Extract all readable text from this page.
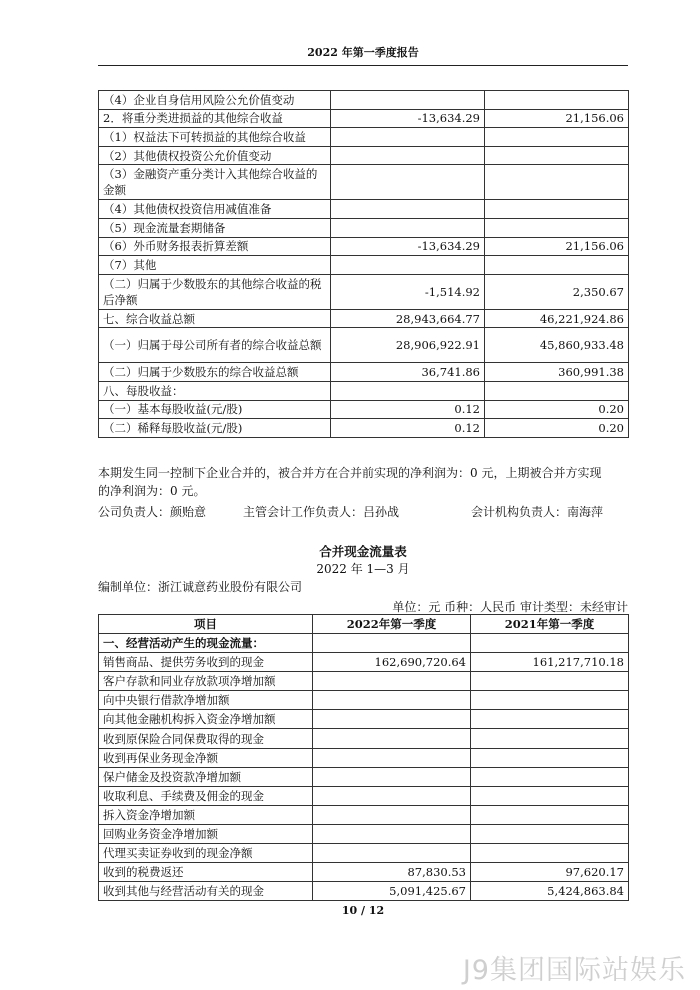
2022 年第一季度报告
（4）企业自身信用风险公允价值变动		
2．将重分类进损益的其他综合收益	-13,634.29	21,156.06
（1）权益法下可转损益的其他综合收益		
（2）其他债权投资公允价值变动		
（3）金融资产重分类计入其他综合收益的金额		
（4）其他债权投资信用减值准备		
（5）现金流量套期储备		
（6）外币财务报表折算差额	-13,634.29	21,156.06
（7）其他		
（二）归属于少数股东的其他综合收益的税后净额	-1,514.92	2,350.67
七、综合收益总额	28,943,664.77	46,221,924.86
（一）归属于母公司所有者的综合收益总额	28,906,922.91	45,860,933.48
（二）归属于少数股东的综合收益总额	36,741.86	360,991.38
八、每股收益：		
（一）基本每股收益(元/股)	0.12	0.20
（二）稀释每股收益(元/股)	0.12	0.20
本期发生同一控制下企业合并的，被合并方在合并前实现的净利润为：0 元，上期被合并方实现
的净利润为：0 元。
公司负责人：颜贻意	主管会计工作负责人：吕孙战	会计机构负责人：南海萍
合并现金流量表
2022 年 1—3 月
编制单位：浙江诚意药业股份有限公司
单位：元 币种：人民币 审计类型：未经审计
项目	2022年第一季度	2021年第一季度
一、经营活动产生的现金流量：		
销售商品、提供劳务收到的现金	162,690,720.64	161,217,710.18
客户存款和同业存放款项净增加额		
向中央银行借款净增加额		
向其他金融机构拆入资金净增加额		
收到原保险合同保费取得的现金		
收到再保业务现金净额		
保户储金及投资款净增加额		
收取利息、手续费及佣金的现金		
拆入资金净增加额		
回购业务资金净增加额		
代理买卖证券收到的现金净额		
收到的税费返还	87,830.53	97,620.17
收到其他与经营活动有关的现金	5,091,425.67	5,424,863.84
10 / 12
J9集团国际站娱乐
